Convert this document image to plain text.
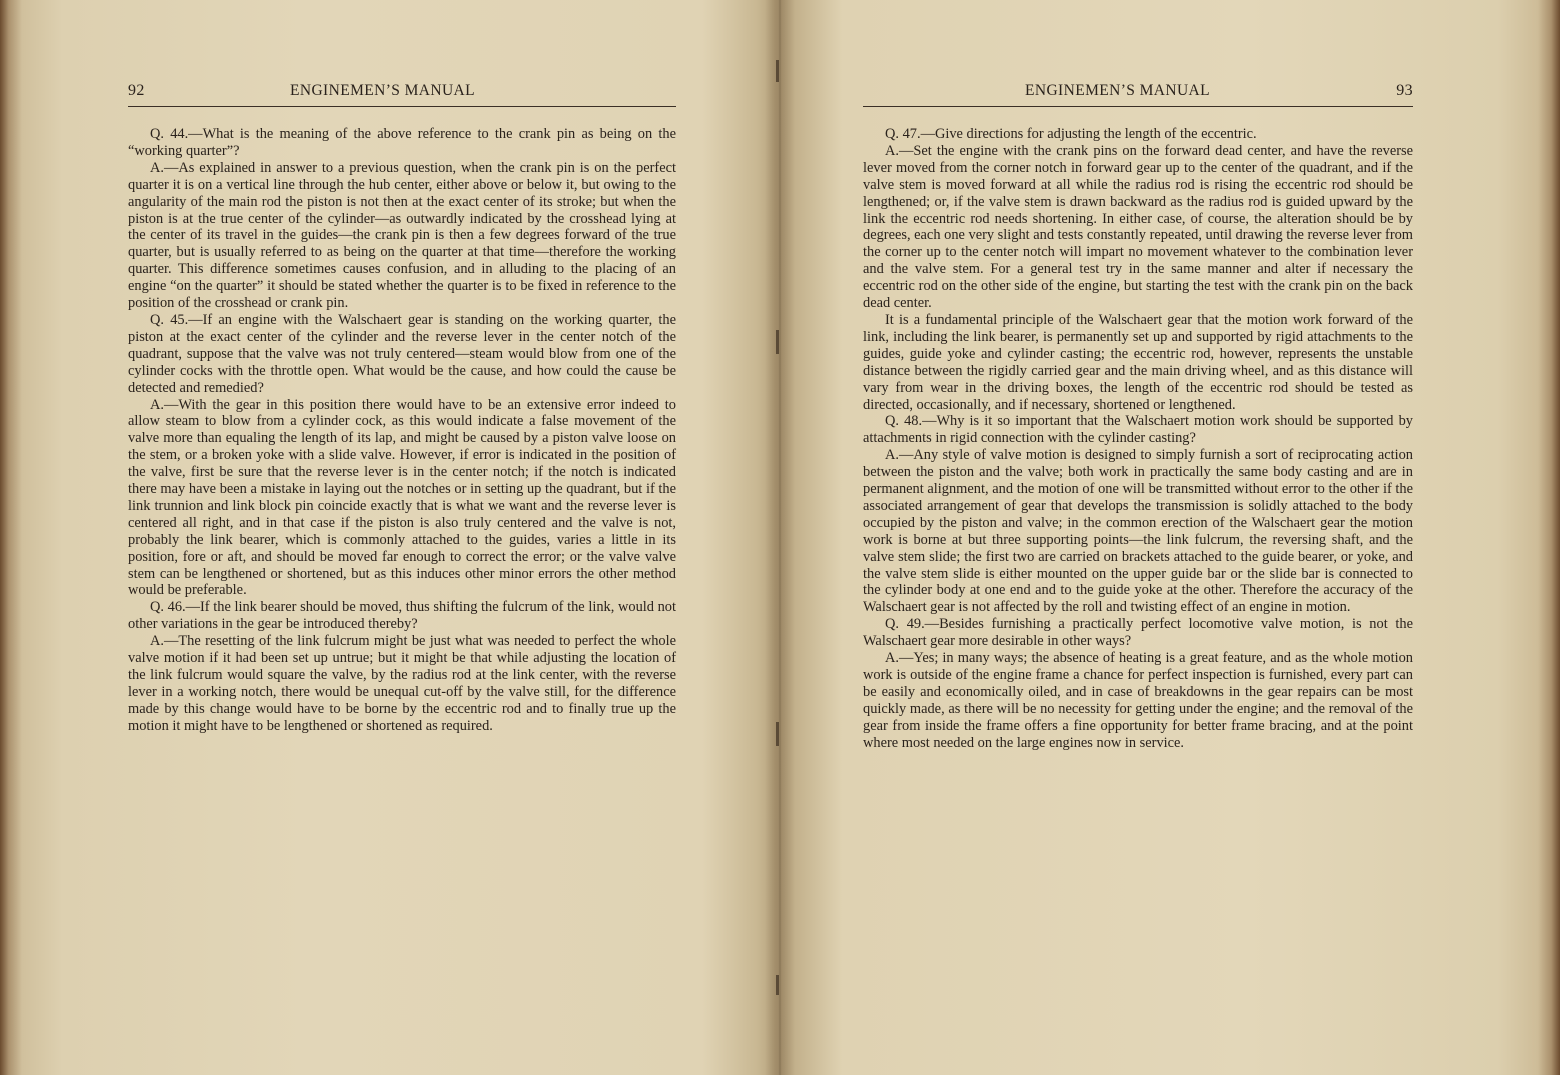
92	ENGINEMEN’S MANUAL

Q. 44.—What is the meaning of the above reference to the crank pin as being on the “working quarter”?

A.—As explained in answer to a previous question, when the crank pin is on the perfect quarter it is on a vertical line through the hub center, either above or below it, but owing to the angularity of the main rod the piston is not then at the exact center of its stroke; but when the piston is at the true center of the cylinder—as outwardly indicated by the crosshead lying at the center of its travel in the guides—the crank pin is then a few degrees forward of the true quarter, but is usually referred to as being on the quarter at that time—therefore the working quarter. This difference sometimes causes confusion, and in alluding to the placing of an engine “on the quarter” it should be stated whether the quarter is to be fixed in reference to the position of the crosshead or crank pin.

Q. 45.—If an engine with the Walschaert gear is standing on the working quarter, the piston at the exact center of the cylinder and the reverse lever in the center notch of the quadrant, suppose that the valve was not truly centered—steam would blow from one of the cylinder cocks with the throttle open. What would be the cause, and how could the cause be detected and remedied?

A.—With the gear in this position there would have to be an extensive error indeed to allow steam to blow from a cylinder cock, as this would indicate a false movement of the valve more than equaling the length of its lap, and might be caused by a piston valve loose on the stem, or a broken yoke with a slide valve. However, if error is indicated in the position of the valve, first be sure that the reverse lever is in the center notch; if the notch is indicated there may have been a mistake in laying out the notches or in setting up the quadrant, but if the link trunnion and link block pin coincide exactly that is what we want and the reverse lever is centered all right, and in that case if the piston is also truly centered and the valve is not, probably the link bearer, which is commonly attached to the guides, varies a little in its position, fore or aft, and should be moved far enough to correct the error; or the valve valve stem can be lengthened or shortened, but as this induces other minor errors the other method would be preferable.

Q. 46.—If the link bearer should be moved, thus shifting the fulcrum of the link, would not other variations in the gear be introduced thereby?

A.—The resetting of the link fulcrum might be just what was needed to perfect the whole valve motion if it had been set up untrue; but it might be that while adjusting the location of the link fulcrum would square the valve, by the radius rod at the link center, with the reverse lever in a working notch, there would be unequal cut-off by the valve still, for the difference made by this change would have to be borne by the eccentric rod and to finally true up the motion it might have to be lengthened or shortened as required.

ENGINEMEN’S MANUAL	93

Q. 47.—Give directions for adjusting the length of the eccentric.

A.—Set the engine with the crank pins on the forward dead center, and have the reverse lever moved from the corner notch in forward gear up to the center of the quadrant, and if the valve stem is moved forward at all while the radius rod is rising the eccentric rod should be lengthened; or, if the valve stem is drawn backward as the radius rod is guided upward by the link the eccentric rod needs shortening. In either case, of course, the alteration should be by degrees, each one very slight and tests constantly repeated, until drawing the reverse lever from the corner up to the center notch will impart no movement whatever to the combination lever and the valve stem. For a general test try in the same manner and alter if necessary the eccentric rod on the other side of the engine, but starting the test with the crank pin on the back dead center.

It is a fundamental principle of the Walschaert gear that the motion work forward of the link, including the link bearer, is permanently set up and supported by rigid attachments to the guides, guide yoke and cylinder casting; the eccentric rod, however, represents the unstable distance between the rigidly carried gear and the main driving wheel, and as this distance will vary from wear in the driving boxes, the length of the eccentric rod should be tested as directed, occasionally, and if necessary, shortened or lengthened.

Q. 48.—Why is it so important that the Walschaert motion work should be supported by attachments in rigid connection with the cylinder casting?

A.—Any style of valve motion is designed to simply furnish a sort of reciprocating action between the piston and the valve; both work in practically the same body casting and are in permanent alignment, and the motion of one will be transmitted without error to the other if the associated arrangement of gear that develops the transmission is solidly attached to the body occupied by the piston and valve; in the common erection of the Walschaert gear the motion work is borne at but three supporting points—the link fulcrum, the reversing shaft, and the valve stem slide; the first two are carried on brackets attached to the guide bearer, or yoke, and the valve stem slide is either mounted on the upper guide bar or the slide bar is connected to the cylinder body at one end and to the guide yoke at the other. Therefore the accuracy of the Walschaert gear is not affected by the roll and twisting effect of an engine in motion.

Q. 49.—Besides furnishing a practically perfect locomotive valve motion, is not the Walschaert gear more desirable in other ways?

A.—Yes; in many ways; the absence of heating is a great feature, and as the whole motion work is outside of the engine frame a chance for perfect inspection is furnished, every part can be easily and economically oiled, and in case of breakdowns in the gear repairs can be most quickly made, as there will be no necessity for getting under the engine; and the removal of the gear from inside the frame offers a fine opportunity for better frame bracing, and at the point where most needed on the large engines now in service.
